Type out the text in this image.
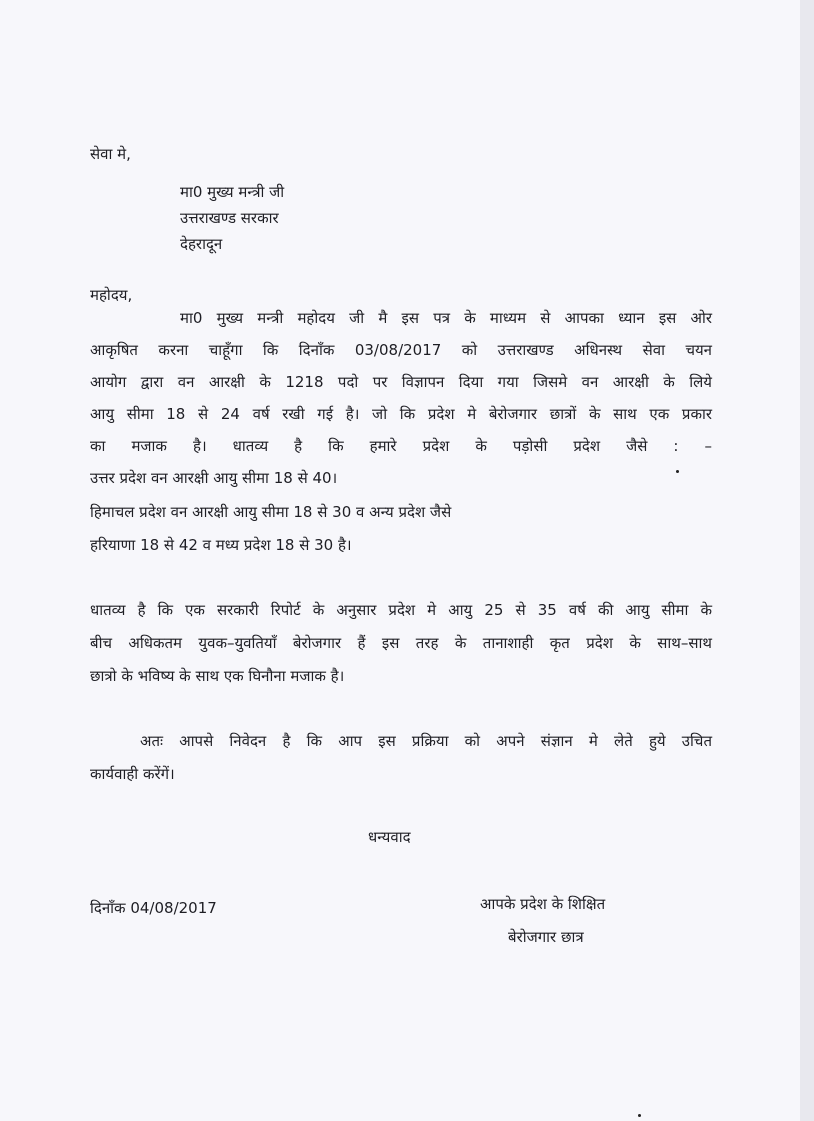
सेवा मे,

मा0 मुख्य मन्त्री जी

उत्तराखण्ड सरकार

देहरादून

महोदय,

मा0 मुख्य मन्त्री महोदय जी मै इस पत्र के माध्यम से आपका ध्यान इस ओर

आकृषित करना चाहूँगा कि दिनाँक 03/08/2017 को उत्तराखण्ड अधिनस्थ सेवा चयन

आयोग द्वारा वन आरक्षी के 1218 पदो पर विज्ञापन दिया गया जिसमे वन आरक्षी के लिये

आयु सीमा 18 से 24 वर्ष रखी गई है। जो कि प्रदेश मे बेरोजगार छात्रों के साथ एक प्रकार

का मजाक है। धातव्य है कि हमारे प्रदेश के पड़ोसी प्रदेश जैसे : –

उत्तर प्रदेश वन आरक्षी आयु सीमा 18 से 40।

हिमाचल प्रदेश वन आरक्षी आयु सीमा 18 से 30 व अन्य प्रदेश जैसे

हरियाणा 18 से 42 व मध्य प्रदेश 18 से 30 है।

धातव्य है कि एक सरकारी रिपोर्ट के अनुसार प्रदेश मे आयु 25 से 35 वर्ष की आयु सीमा के

बीच अधिकतम युवक–युवतियाँ बेरोजगार हैं इस तरह के तानाशाही कृत प्रदेश के साथ–साथ

छात्रो के भविष्य के साथ एक घिनौना मजाक है।

अतः आपसे निवेदन है कि आप इस प्रक्रिया को अपने संज्ञान मे लेते हुये उचित

कार्यवाही करेंगें।

धन्यवाद

दिनाँक 04/08/2017	आपके प्रदेश के शिक्षित

बेरोजगार छात्र
